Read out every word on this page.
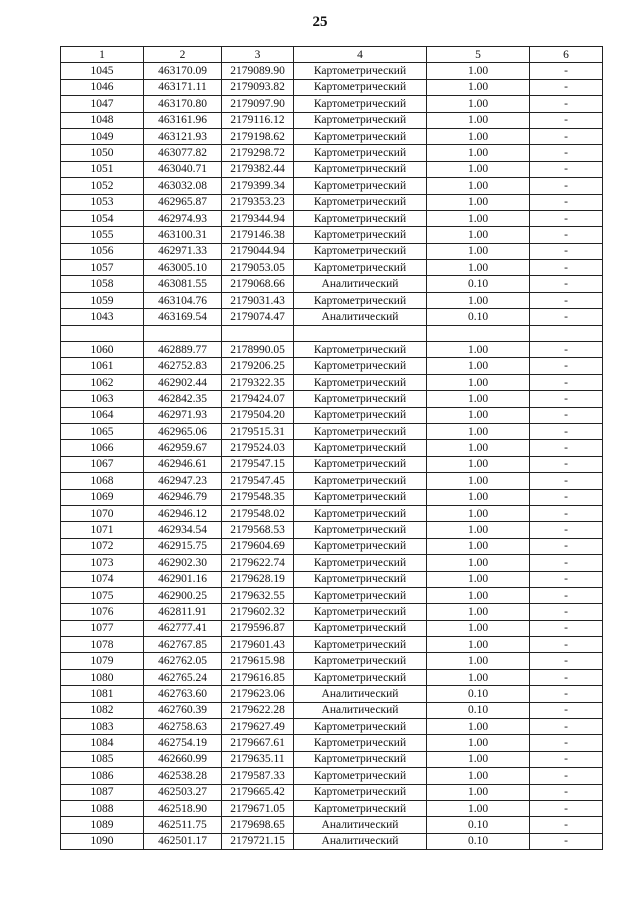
25
1	2	3	4	5	6
1045	463170.09	2179089.90	Картометрический	1.00	-
1046	463171.11	2179093.82	Картометрический	1.00	-
1047	463170.80	2179097.90	Картометрический	1.00	-
1048	463161.96	2179116.12	Картометрический	1.00	-
1049	463121.93	2179198.62	Картометрический	1.00	-
1050	463077.82	2179298.72	Картометрический	1.00	-
1051	463040.71	2179382.44	Картометрический	1.00	-
1052	463032.08	2179399.34	Картометрический	1.00	-
1053	462965.87	2179353.23	Картометрический	1.00	-
1054	462974.93	2179344.94	Картометрический	1.00	-
1055	463100.31	2179146.38	Картометрический	1.00	-
1056	462971.33	2179044.94	Картометрический	1.00	-
1057	463005.10	2179053.05	Картометрический	1.00	-
1058	463081.55	2179068.66	Аналитический	0.10	-
1059	463104.76	2179031.43	Картометрический	1.00	-
1043	463169.54	2179074.47	Аналитический	0.10	-

1060	462889.77	2178990.05	Картометрический	1.00	-
1061	462752.83	2179206.25	Картометрический	1.00	-
1062	462902.44	2179322.35	Картометрический	1.00	-
1063	462842.35	2179424.07	Картометрический	1.00	-
1064	462971.93	2179504.20	Картометрический	1.00	-
1065	462965.06	2179515.31	Картометрический	1.00	-
1066	462959.67	2179524.03	Картометрический	1.00	-
1067	462946.61	2179547.15	Картометрический	1.00	-
1068	462947.23	2179547.45	Картометрический	1.00	-
1069	462946.79	2179548.35	Картометрический	1.00	-
1070	462946.12	2179548.02	Картометрический	1.00	-
1071	462934.54	2179568.53	Картометрический	1.00	-
1072	462915.75	2179604.69	Картометрический	1.00	-
1073	462902.30	2179622.74	Картометрический	1.00	-
1074	462901.16	2179628.19	Картометрический	1.00	-
1075	462900.25	2179632.55	Картометрический	1.00	-
1076	462811.91	2179602.32	Картометрический	1.00	-
1077	462777.41	2179596.87	Картометрический	1.00	-
1078	462767.85	2179601.43	Картометрический	1.00	-
1079	462762.05	2179615.98	Картометрический	1.00	-
1080	462765.24	2179616.85	Картометрический	1.00	-
1081	462763.60	2179623.06	Аналитический	0.10	-
1082	462760.39	2179622.28	Аналитический	0.10	-
1083	462758.63	2179627.49	Картометрический	1.00	-
1084	462754.19	2179667.61	Картометрический	1.00	-
1085	462660.99	2179635.11	Картометрический	1.00	-
1086	462538.28	2179587.33	Картометрический	1.00	-
1087	462503.27	2179665.42	Картометрический	1.00	-
1088	462518.90	2179671.05	Картометрический	1.00	-
1089	462511.75	2179698.65	Аналитический	0.10	-
1090	462501.17	2179721.15	Аналитический	0.10	-
